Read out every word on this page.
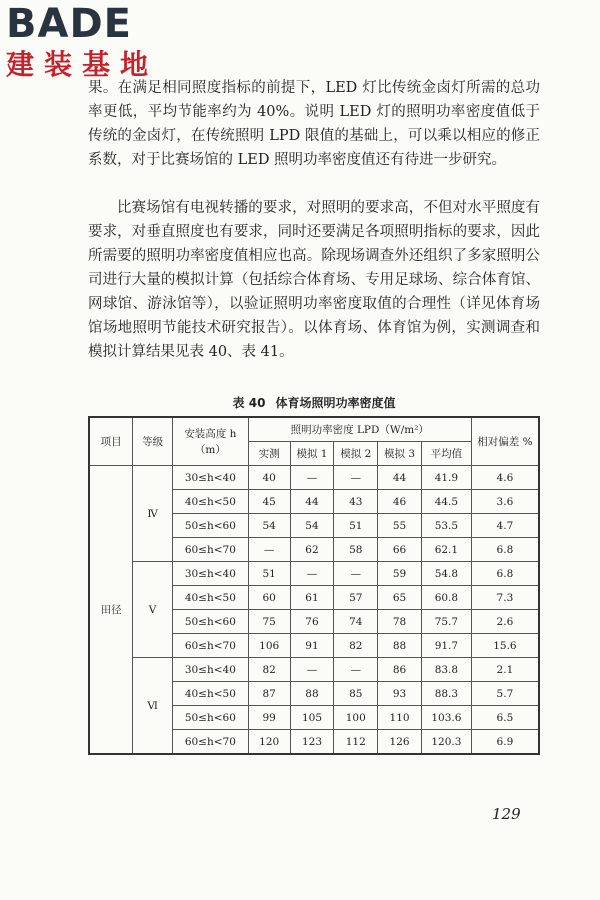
BADE
建装基地

果。在满足相同照度指标的前提下，LED 灯比传统金卤灯所需的总功率更低，平均节能率约为 40%。说明 LED 灯的照明功率密度值低于传统的金卤灯，在传统照明 LPD 限值的基础上，可以乘以相应的修正系数，对于比赛场馆的 LED 照明功率密度值还有待进一步研究。

比赛场馆有电视转播的要求，对照明的要求高，不但对水平照度有要求，对垂直照度也有要求，同时还要满足各项照明指标的要求，因此所需要的照明功率密度值相应也高。除现场调查外还组织了多家照明公司进行大量的模拟计算（包括综合体育场、专用足球场、综合体育馆、网球馆、游泳馆等），以验证照明功率密度取值的合理性（详见体育场馆场地照明节能技术研究报告）。以体育场、体育馆为例，实测调查和模拟计算结果见表 40、表 41。

表 40 体育场照明功率密度值
项目	等级	安装高度 h（m）	照明功率密度 LPD（W/m²）					相对偏差 %
			实测	模拟 1	模拟 2	模拟 3	平均值	
田径	Ⅳ	30≤h<40	40	—	—	44	41.9	4.6
		40≤h<50	45	44	43	46	44.5	3.6
		50≤h<60	54	54	51	55	53.5	4.7
		60≤h<70	—	62	58	66	62.1	6.8
	Ⅴ	30≤h<40	51	—	—	59	54.8	6.8
		40≤h<50	60	61	57	65	60.8	7.3
		50≤h<60	75	76	74	78	75.7	2.6
		60≤h<70	106	91	82	88	91.7	15.6
	Ⅵ	30≤h<40	82	—	—	86	83.8	2.1
		40≤h<50	87	88	85	93	88.3	5.7
		50≤h<60	99	105	100	110	103.6	6.5
		60≤h<70	120	123	112	126	120.3	6.9
129
